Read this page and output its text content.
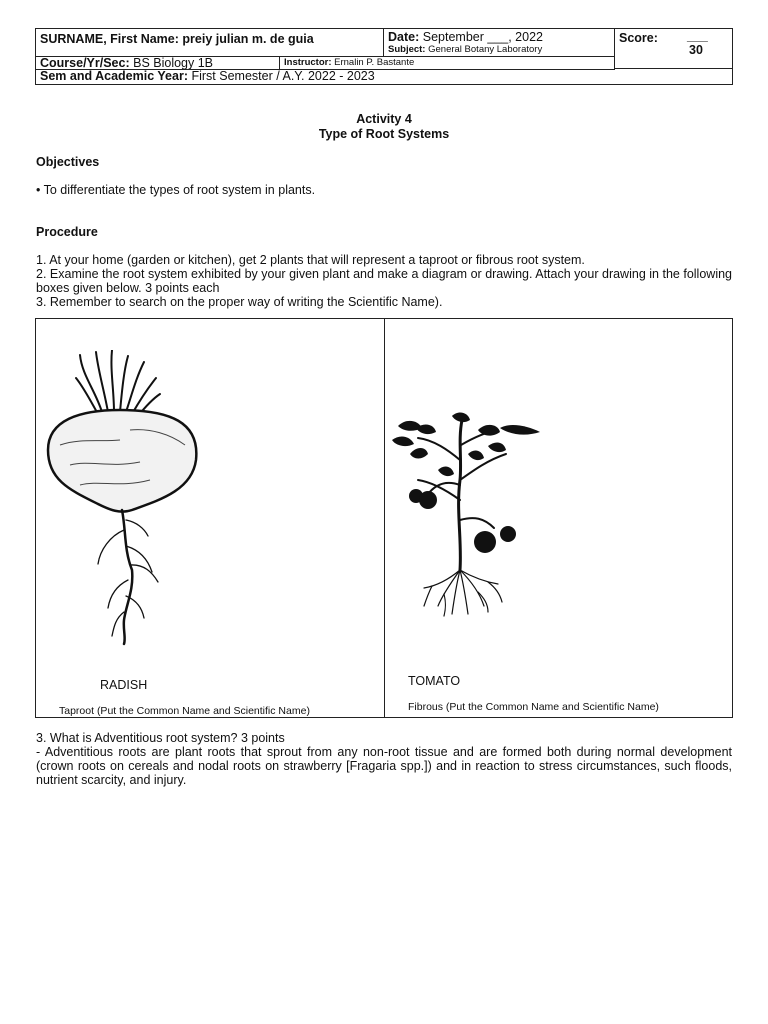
SURNAME, First Name: preiy julian m. de guia	Date: September ___, 2022
Subject: General Botany Laboratory
Score: ___
30
Course/Yr/Sec: BS Biology 1B	Instructor: Ernalin P. Bastante
Sem and Academic Year: First Semester / A.Y. 2022 - 2023
Activity 4
Type of Root Systems
Objectives
• To differentiate the types of root system in plants.
Procedure
1. At your home (garden or kitchen), get 2 plants that will represent a taproot or fibrous root system.
2. Examine the root system exhibited by your given plant and make a diagram or drawing. Attach your drawing in the following boxes given below. 3 points each
3. Remember to search on the proper way of writing the Scientific Name).
RADISH
Taproot (Put the Common Name and Scientific Name)
TOMATO
Fibrous (Put the Common Name and Scientific Name)
3. What is Adventitious root system? 3 points
- Adventitious roots are plant roots that sprout from any non-root tissue and are formed both during normal development (crown roots on cereals and nodal roots on strawberry [Fragaria spp.]) and in reaction to stress circumstances, such floods, nutrient scarcity, and injury.
